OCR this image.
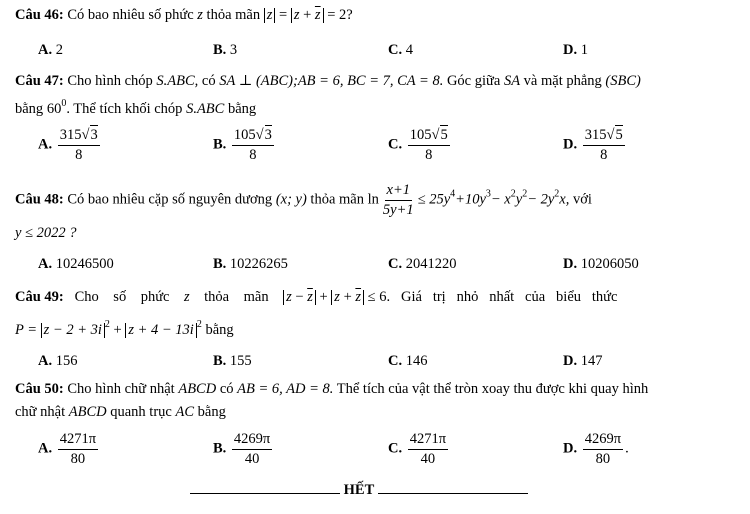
Câu 46: Có bao nhiêu số phức z thỏa mãn $z = z + \overline{z} = 2$?
A. 2	B. 3	C. 4	D. 1
Câu 47: Cho hình chóp S.ABC, có SA ⊥ (ABC);AB = 6, BC = 7, CA = 8. Góc giữa SA và mặt phẳng (SBC)
bằng $60^0$. Thể tích khối chóp S.ABC bằng
A. $\frac{315√3}{8}$	B. $\frac{105√3}{8}$	C. $\frac{105√5}{8}$	D. $\frac{315√5}{8}$
Câu 48: Có bao nhiêu cặp số nguyên dương (x; y) thỏa mãn $\ln \frac{x+1}{5y+1} \le 25y^4+10y^3- x^2y^2- 2y^2x$, với
y ≤ 2022 ?
A. 10246500	B. 10226265	C. 2041220	D. 10206050
Câu 49: Cho số phức z thỏa mãn $z - \overline{z} + z + \overline{z} \le 6$. Giá trị nhỏ nhất của biểu thức
P = z − 2 + 3i $^2$ + z + 4 − 13i $^2$ bằng
A. 156	B. 155	C. 146	D. 147
Câu 50: Cho hình chữ nhật ABCD có AB = 6, AD = 8. Thể tích của vật thể tròn xoay thu được khi quay hình
chữ nhật ABCD quanh trục AC bằng
A. $\frac{4271\pi}{80}$	B. $\frac{4269\pi}{40}$	C. $\frac{4271\pi}{40}$	D. $\frac{4269\pi}{80}$ .
HẾT
